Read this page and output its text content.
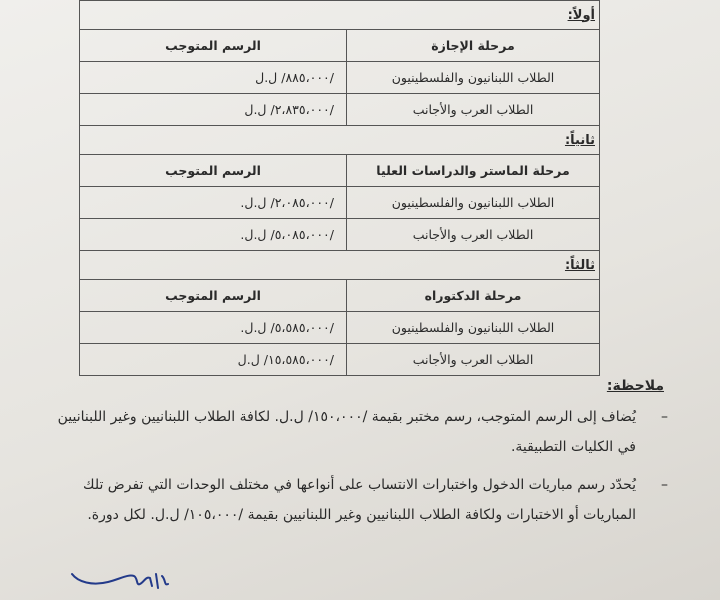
أولاً:	
مرحلة الإجازة	الرسم المتوجب
الطلاب اللبنانيون والفلسطينيون	/٨٨٥،٠٠٠/ ل.ل
الطلاب العرب والأجانب	/٢،٨٣٥،٠٠٠/ ل.ل
ثانياً:	
مرحلة الماستر والدراسات العليا	الرسم المتوجب
الطلاب اللبنانيون والفلسطينيون	/٢،٠٨٥،٠٠٠/ ل.ل.
الطلاب العرب والأجانب	/٥،٠٨٥،٠٠٠/ ل.ل.
ثالثاً:	
مرحلة الدكتوراه	الرسم المتوجب
الطلاب اللبنانيون والفلسطينيون	/٥،٥٨٥،٠٠٠/ ل.ل.
الطلاب العرب والأجانب	/١٥،٥٨٥،٠٠٠/ ل.ل
ملاحظة:
–
يُضاف إلى الرسم المتوجب، رسم مختبر بقيمة /١٥٠،٠٠٠/ ل.ل. لكافة الطلاب اللبنانيين وغير اللبنانيين في الكليات التطبيقية.
–
يُحدّد رسم مباريات الدخول واختبارات الانتساب على أنواعها في مختلف الوحدات التي تفرض تلك المباريات أو الاختبارات ولكافة الطلاب اللبنانيين وغير اللبنانيين بقيمة /١٠٥،٠٠٠/ ل.ل. لكل دورة.
